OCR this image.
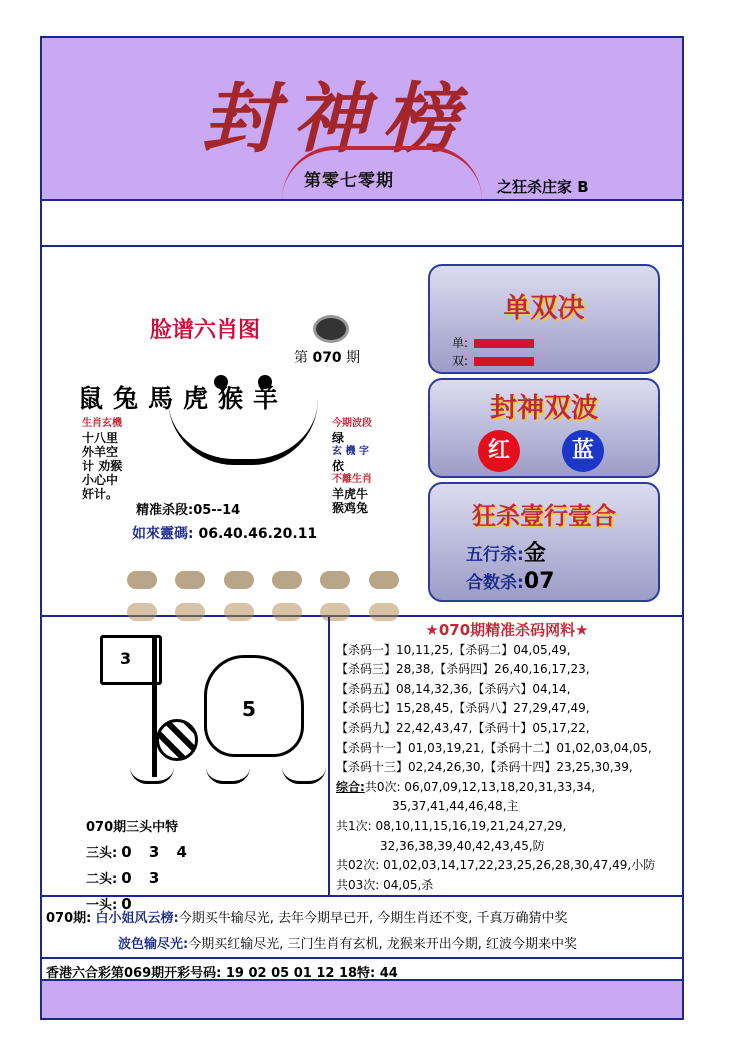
封神榜
第零七零期	之狂杀庄家 B
脸谱六肖图
第 070 期
鼠兔馬虎猴羊
生肖玄機
十八里外羊空计 劝猴小心中奸计。
今期波段
绿
玄 機 字
依
不離生肖
羊虎牛猴鸡兔
精准杀段:05--14
如來靈碼: 06.40.46.20.11
单双决
单:
双:
封神双波
红	蓝
狂杀壹行壹合
五行杀:金
合数杀:07
3
5
070期三头中特
三头: 0 3 4
二头: 0 3
一头: 0
★070期精准杀码网料★
【杀码一】10,11,25,【杀码二】04,05,49,
【杀码三】28,38,【杀码四】26,40,16,17,23,
【杀码五】08,14,32,36,【杀码六】04,14,
【杀码七】15,28,45,【杀码八】27,29,47,49,
【杀码九】22,42,43,47,【杀码十】05,17,22,
【杀码十一】01,03,19,21,【杀码十二】01,02,03,04,05,
【杀码十三】02,24,26,30,【杀码十四】23,25,30,39,
综合:共0次: 06,07,09,12,13,18,20,31,33,34,
35,37,41,44,46,48,主
共1次: 08,10,11,15,16,19,21,24,27,29,
32,36,38,39,40,42,43,45,防
共02次: 01,02,03,14,17,22,23,25,26,28,30,47,49,小防
共03次: 04,05,杀
070期: 白小姐风云榜:今期买牛输尽光, 去年今期早已开, 今期生肖还不变, 千真万确猜中奖
波色输尽光:今期买红输尽光, 三门生肖有玄机, 龙猴来开出今期, 红波今期来中奖
香港六合彩第069期开彩号码: 19 02 05 01 12 18特: 44
